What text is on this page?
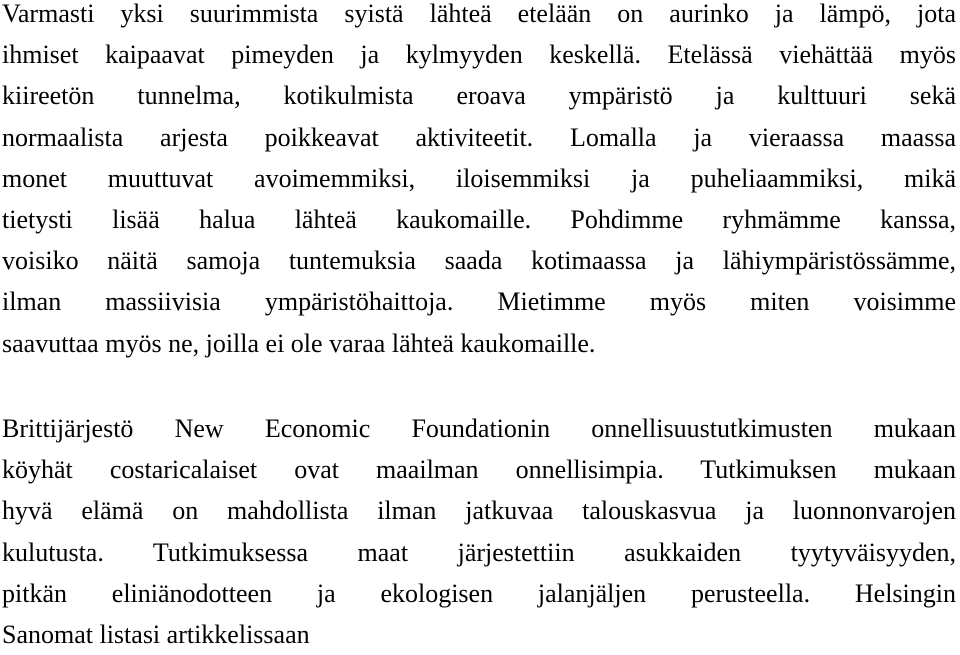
Varmasti yksi suurimmista syistä lähteä etelään on aurinko ja lämpö, jota
ihmiset kaipaavat pimeyden ja kylmyyden keskellä. Etelässä viehättää myös
kiireetön tunnelma, kotikulmista eroava ympäristö ja kulttuuri sekä
normaalista arjesta poikkeavat aktiviteetit. Lomalla ja vieraassa maassa
monet muuttuvat avoimemmiksi, iloisemmiksi ja puheliaammiksi, mikä
tietysti lisää halua lähteä kaukomaille. Pohdimme ryhmämme kanssa,
voisiko näitä samoja tuntemuksia saada kotimaassa ja lähiympäristössämme,
ilman massiivisia ympäristöhaittoja. Mietimme myös miten voisimme
saavuttaa myös ne, joilla ei ole varaa lähteä kaukomaille.
Brittijärjestö New Economic Foundationin onnellisuustutkimusten mukaan
köyhät costaricalaiset ovat maailman onnellisimpia. Tutkimuksen mukaan
hyvä elämä on mahdollista ilman jatkuvaa talouskasvua ja luonnonvarojen
kulutusta. Tutkimuksessa maat järjestettiin asukkaiden tyytyväisyyden,
pitkän eliniänodotteen ja ekologisen jalanjäljen perusteella. Helsingin
Sanomat listasi artikkelissaan
